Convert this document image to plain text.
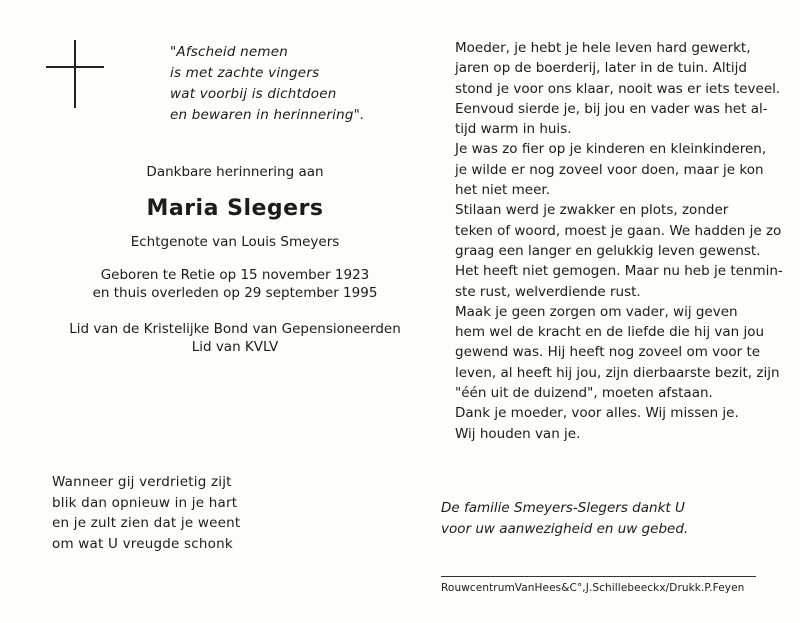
"Afscheid nemen
is met zachte vingers
wat voorbij is dichtdoen
en bewaren in herinnering".
Dankbare herinnering aan
Maria Slegers
Echtgenote van Louis Smeyers
Geboren te Retie op 15 november 1923
en thuis overleden op 29 september 1995
Lid van de Kristelijke Bond van Gepensioneerden
Lid van KVLV
Wanneer gij verdrietig zijt
blik dan opnieuw in je hart
en je zult zien dat je weent
om wat U vreugde schonk

Moeder, je hebt je hele leven hard gewerkt,
jaren op de boerderij, later in de tuin. Altijd
stond je voor ons klaar, nooit was er iets teveel.

Eenvoud sierde je, bij jou en vader was het al-
tijd warm in huis.

Je was zo fier op je kinderen en kleinkinderen,
je wilde er nog zoveel voor doen, maar je kon
het niet meer.

Stilaan werd je zwakker en plots, zonder
teken of woord, moest je gaan. We hadden je zo
graag een langer en gelukkig leven gewenst.
Het heeft niet gemogen. Maar nu heb je tenmin-
ste rust, welverdiende rust.

Maak je geen zorgen om vader, wij geven
hem wel de kracht en de liefde die hij van jou
gewend was. Hij heeft nog zoveel om voor te
leven, al heeft hij jou, zijn dierbaarste bezit, zijn
"één uit de duizend", moeten afstaan.

Dank je moeder, voor alles. Wij missen je.
Wij houden van je.

De familie Smeyers-Slegers dankt U
voor uw aanwezigheid en uw gebed.
RouwcentrumVanHees&C°,J.Schillebeeckx/Drukk.P.Feyen
